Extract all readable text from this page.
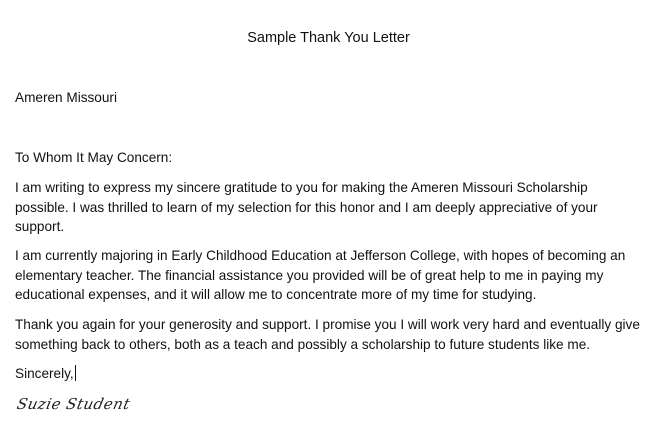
Sample Thank You Letter
Ameren Missouri
To Whom It May Concern:
I am writing to express my sincere gratitude to you for making the Ameren Missouri Scholarship
possible. I was thrilled to learn of my selection for this honor and I am deeply appreciative of your
support.
I am currently majoring in Early Childhood Education at Jefferson College, with hopes of becoming an
elementary teacher. The financial assistance you provided will be of great help to me in paying my
educational expenses, and it will allow me to concentrate more of my time for studying.
Thank you again for your generosity and support. I promise you I will work very hard and eventually give
something back to others, both as a teach and possibly a scholarship to future students like me.
Sincerely,
Suzie Student
